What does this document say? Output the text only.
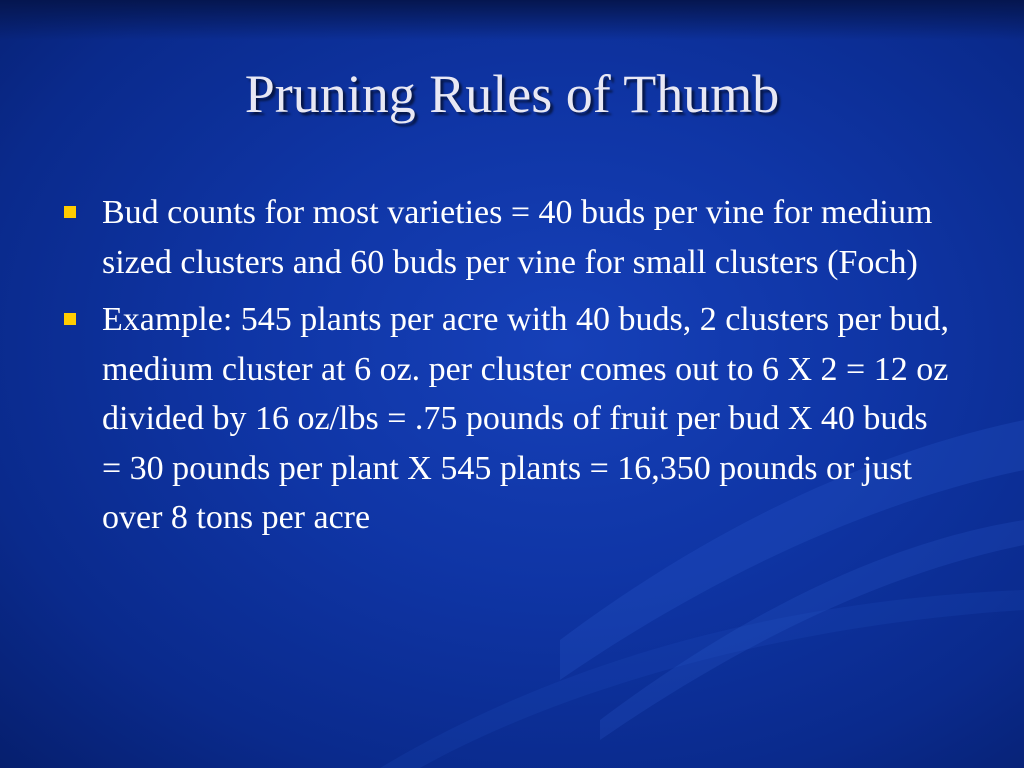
Pruning Rules of Thumb
Bud counts for most varieties = 40 buds per vine for medium sized clusters and 60 buds per vine for small clusters (Foch)
Example: 545 plants per acre with 40 buds, 2 clusters per bud, medium cluster at 6 oz. per cluster comes out to 6 X 2 = 12 oz divided by 16 oz/lbs = .75 pounds of fruit per bud X 40 buds = 30 pounds per plant X 545 plants = 16,350 pounds or just over 8 tons per acre
